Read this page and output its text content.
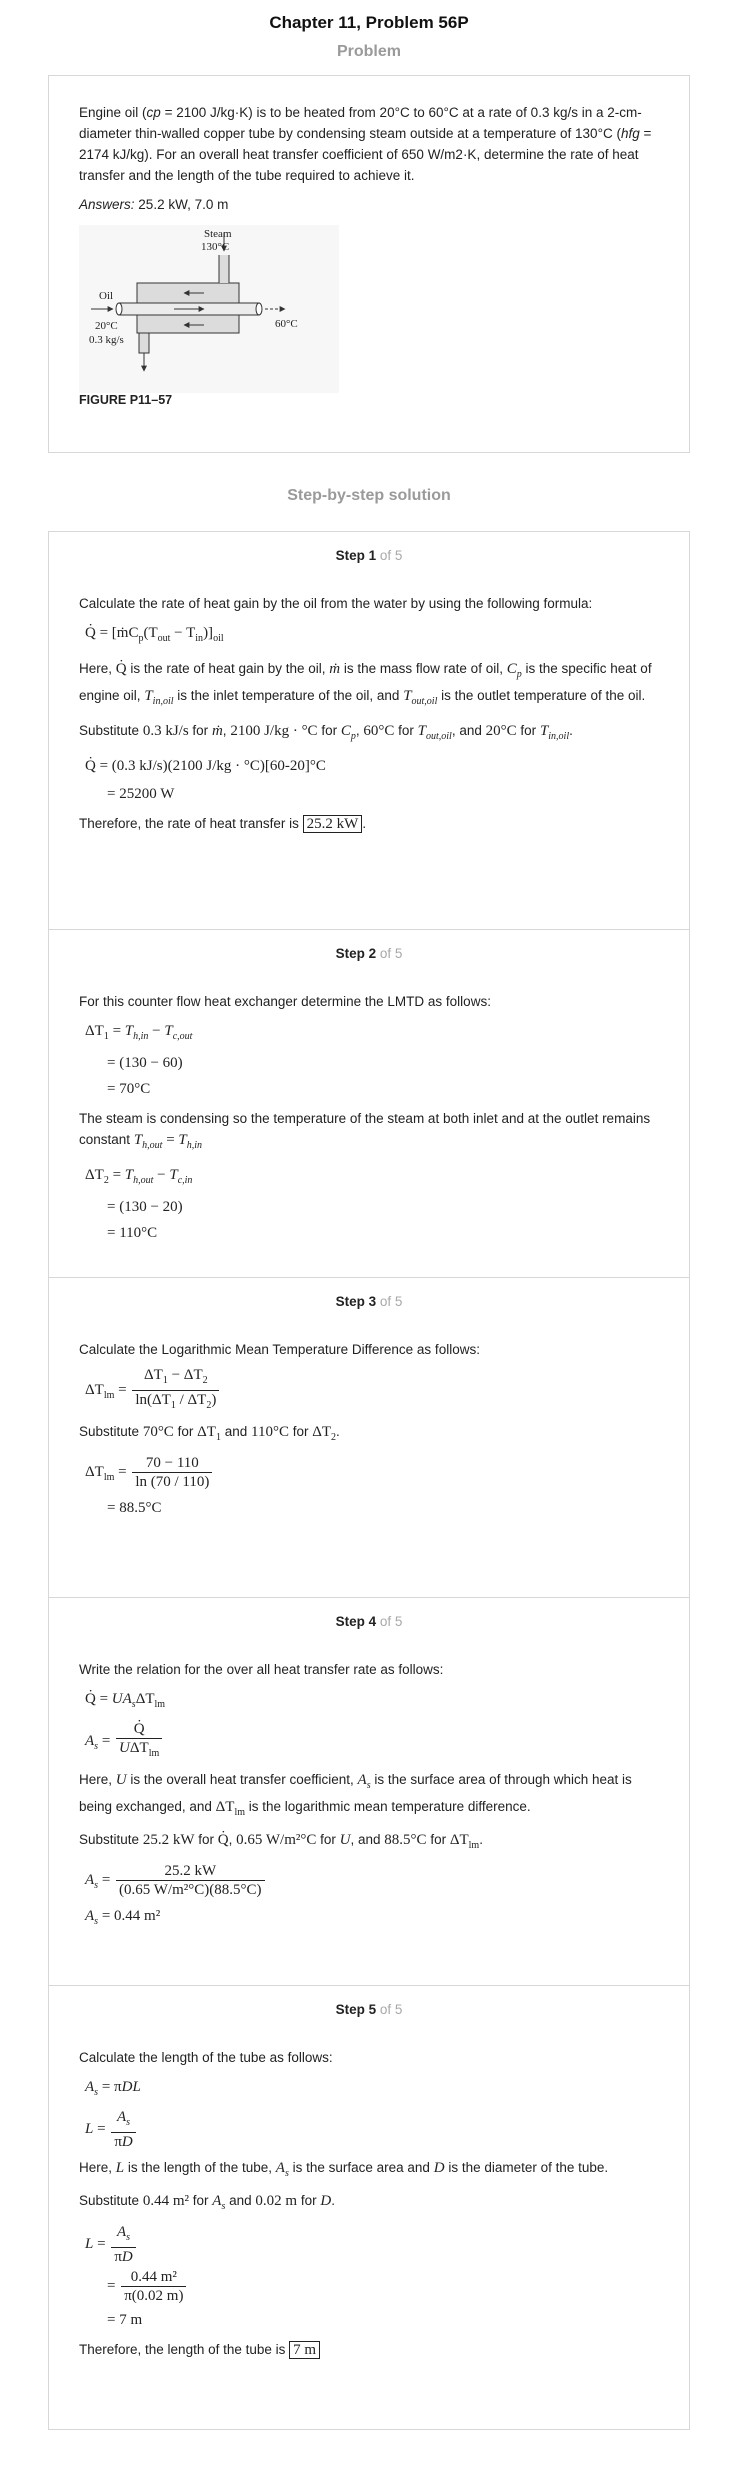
Chapter 11, Problem 56P
Problem

Engine oil (cp = 2100 J/kg·K) is to be heated from 20°C to 60°C at a rate of 0.3 kg/s in a 2-cm-diameter thin-walled copper tube by condensing steam outside at a temperature of 130°C (hfg = 2174 kJ/kg). For an overall heat transfer coefficient of 650 W/m2·K, determine the rate of heat transfer and the length of the tube required to achieve it.

Answers: 25.2 kW, 7.0 m
Steam
130°C
Oil
20°C
0.3 kg/s
60°C
FIGURE P11–57
Step-by-step solution
Step 1 of 5

Calculate the rate of heat gain by the oil from the water by using the following formula:

Q̇ = $[ṁC_p(T_{out} - T_{in})]_{oil}$

Here, Q̇ is the rate of heat gain by the oil, ṁ is the mass flow rate of oil, $C_p$ is the specific heat of engine oil, $T_{in,oil}$ is the inlet temperature of the oil, and $T_{out,oil}$ is the outlet temperature of the oil.

Substitute 0.3 kJ/s for ṁ, 2100 J/kg · °C for $C_p$, 60°C for $T_{out,oil}$, and 20°C for $T_{in,oil}$.

Q̇ = (0.3 kJ/s)(2100 J/kg · °C)[60-20]°C
= 25200 W

Therefore, the rate of heat transfer is 25.2 kW .

Step 2 of 5

For this counter flow heat exchanger determine the LMTD as follows:

$\Delta T_1 = T_{h,in} - T_{c,out}$
= (130 − 60)
= 70°C

The steam is condensing so the temperature of the steam at both inlet and at the outlet remains constant $T_{h,out} = T_{h,in}$

$\Delta T_2 = T_{h,out} - T_{c,in}$
= (130 − 20)
= 110°C
Step 3 of 5

Calculate the Logarithmic Mean Temperature Difference as follows:

$\Delta T_{lm} = \frac{\Delta T_1 - \Delta T_2}{\ln(\Delta T_1 / \Delta T_2)}$

Substitute 70°C for $\Delta T_1$ and 110°C for $\Delta T_2$.

$\Delta T_{lm} = \frac{70 - 110}{\ln (70 / 110)}$
= 88.5°C
Step 4 of 5

Write the relation for the over all heat transfer rate as follows:

Q̇ = $UA_s\Delta T_{lm}$
$A_s = \frac{Q̇}{U\Delta T_{lm}}$

Here, U is the overall heat transfer coefficient, $A_s$ is the surface area of through which heat is being exchanged, and $\Delta T_{lm}$ is the logarithmic mean temperature difference.

Substitute 25.2 kW for Q̇, 0.65 W/m²°C for U, and 88.5°C for $\Delta T_{lm}$.

$A_s = \frac{25.2 kW}{\text{(0.65 W/m²°C)(88.5°C)}}$
$A_s = 0.44$ m²
Step 5 of 5

Calculate the length of the tube as follows:

$A_s = \pi DL$
$L = \frac{A_s}{\pi D}$

Here, L is the length of the tube, $A_s$ is the surface area and D is the diameter of the tube.

Substitute 0.44 m² for $A_s$ and 0.02 m for D.

$L = \frac{A_s}{\pi D}$
= $\frac{\text{0.44 m²}}{\pi(0.02 m)}$
= 7 m

Therefore, the length of the tube is 7 m
